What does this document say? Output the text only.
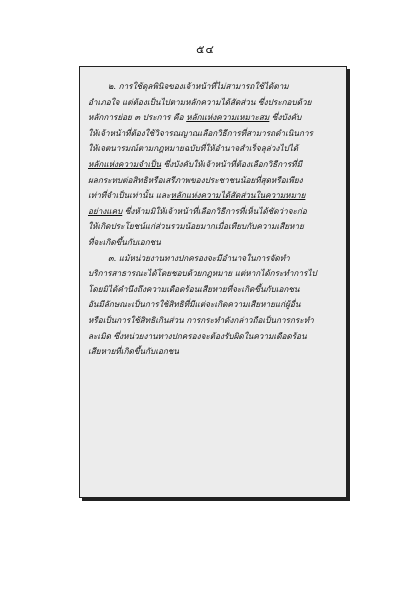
๕๔

๒. การใช้ดุลพินิจของเจ้าหน้าที่ไม่สามารถใช้ได้ตาม

อำเภอใจ แต่ต้องเป็นไปตามหลักความได้สัดส่วน ซึ่งประกอบด้วย

หลักการย่อย ๓ ประการ คือ หลักแห่งความเหมาะสม ซึ่งบังคับ

ให้เจ้าหน้าที่ต้องใช้วิจารณญาณเลือกวิธีการที่สามารถดำเนินการ

ให้เจตนารมณ์ตามกฎหมายฉบับที่ให้อำนาจสำเร็จลุล่วงไปได้

หลักแห่งความจำเป็น ซึ่งบังคับให้เจ้าหน้าที่ต้องเลือกวิธีการที่มี

ผลกระทบต่อสิทธิหรือเสรีภาพของประชาชนน้อยที่สุดหรือเพียง

เท่าที่จำเป็นเท่านั้น และหลักแห่งความได้สัดส่วนในความหมาย

อย่างแคบ ซึ่งห้ามมิให้เจ้าหน้าที่เลือกวิธีการที่เห็นได้ชัดว่าจะก่อ

ให้เกิดประโยชน์แก่ส่วนรวมน้อยมากเมื่อเทียบกับความเสียหาย

ที่จะเกิดขึ้นกับเอกชน

๓. แม้หน่วยงานทางปกครองจะมีอำนาจในการจัดทำ

บริการสาธารณะได้โดยชอบด้วยกฎหมาย แต่หากได้กระทำการไป

โดยมิได้คำนึงถึงความเดือดร้อนเสียหายที่จะเกิดขึ้นกับเอกชน

อันมีลักษณะเป็นการใช้สิทธิที่มีแต่จะเกิดความเสียหายแก่ผู้อื่น

หรือเป็นการใช้สิทธิเกินส่วน การกระทำดังกล่าวถือเป็นการกระทำ

ละเมิด ซึ่งหน่วยงานทางปกครองจะต้องรับผิดในความเดือดร้อน

เสียหายที่เกิดขึ้นกับเอกชน
